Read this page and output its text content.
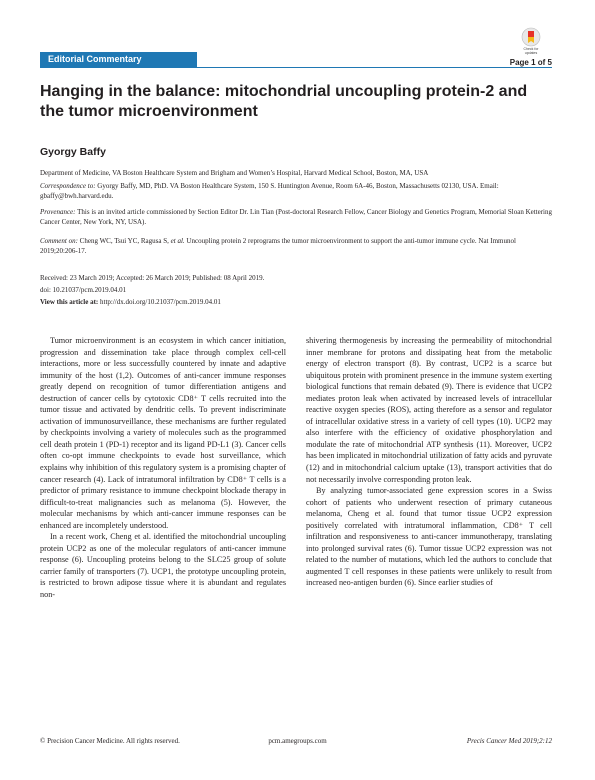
Editorial Commentary
Check for updates
Page 1 of 5
Hanging in the balance: mitochondrial uncoupling protein-2 and the tumor microenvironment
Gyorgy Baffy

Department of Medicine, VA Boston Healthcare System and Brigham and Women’s Hospital, Harvard Medical School, Boston, MA, USA

Correspondence to: Gyorgy Baffy, MD, PhD. VA Boston Healthcare System, 150 S. Huntington Avenue, Room 6A-46, Boston, Massachusetts 02130, USA. Email: gbaffy@bwh.harvard.edu.

Provenance: This is an invited article commissioned by Section Editor Dr. Lin Tian (Post-doctoral Research Fellow, Cancer Biology and Genetics Program, Memorial Sloan Kettering Cancer Center, New York, NY, USA).

Comment on: Cheng WC, Tsui YC, Ragusa S, et al. Uncoupling protein 2 reprograms the tumor microenvironment to support the anti-tumor immune cycle. Nat Immunol 2019;20:206-17.

Received: 23 March 2019; Accepted: 26 March 2019; Published: 08 April 2019.

doi: 10.21037/pcm.2019.04.01

View this article at: http://dx.doi.org/10.21037/pcm.2019.04.01

Tumor microenvironment is an ecosystem in which cancer initiation, progression and dissemination take place through complex cell-cell interactions, more or less successfully countered by innate and adaptive immunity of the host (1,2). Outcomes of anti-cancer immune responses greatly depend on recognition of tumor differentiation antigens and destruction of cancer cells by cytotoxic CD8⁺ T cells recruited into the tumor tissue and activated by dendritic cells. To prevent indiscriminate activation of immunosurveillance, these mechanisms are further regulated by checkpoints involving a variety of molecules such as the programmed cell death protein 1 (PD-1) receptor and its ligand PD-L1 (3). Cancer cells often co-opt immune checkpoints to evade host surveillance, which explains why inhibition of this regulatory system is a promising chapter of cancer research (4). Lack of intratumoral infiltration by CD8⁺ T cells is a predictor of primary resistance to immune checkpoint blockade therapy in difficult-to-treat malignancies such as melanoma (5). However, the molecular mechanisms by which anti-cancer immune responses can be enhanced are incompletely understood.

In a recent work, Cheng et al. identified the mitochondrial uncoupling protein UCP2 as one of the molecular regulators of anti-cancer immune response (6). Uncoupling proteins belong to the SLC25 group of solute carrier family of transporters (7). UCP1, the prototype uncoupling protein, is restricted to brown adipose tissue where it is abundant and regulates non-

shivering thermogenesis by increasing the permeability of mitochondrial inner membrane for protons and dissipating heat from the metabolic energy of electron transport (8). By contrast, UCP2 is a scarce but ubiquitous protein with prominent presence in the immune system exerting biological functions that remain debated (9). There is evidence that UCP2 mediates proton leak when activated by increased levels of intracellular reactive oxygen species (ROS), acting therefore as a sensor and regulator of intracellular oxidative stress in a variety of cell types (10). UCP2 may also interfere with the efficiency of oxidative phosphorylation and modulate the rate of mitochondrial ATP synthesis (11). Moreover, UCP2 has been implicated in mitochondrial utilization of fatty acids and pyruvate (12) and in mitochondrial calcium uptake (13), transport activities that do not necessarily involve corresponding proton leak.

By analyzing tumor-associated gene expression scores in a Swiss cohort of patients who underwent resection of primary cutaneous melanoma, Cheng et al. found that tumor tissue UCP2 expression positively correlated with intratumoral inflammation, CD8⁺ T cell infiltration and responsiveness to anti-cancer immunotherapy, translating into prolonged survival rates (6). Tumor tissue UCP2 expression was not related to the number of mutations, which led the authors to conclude that augmented T cell responses in these patients were unlikely to result from increased neo-antigen burden (6). Since earlier studies of

© Precision Cancer Medicine. All rights reserved.	pcm.amegroups.com	Precis Cancer Med 2019;2:12
